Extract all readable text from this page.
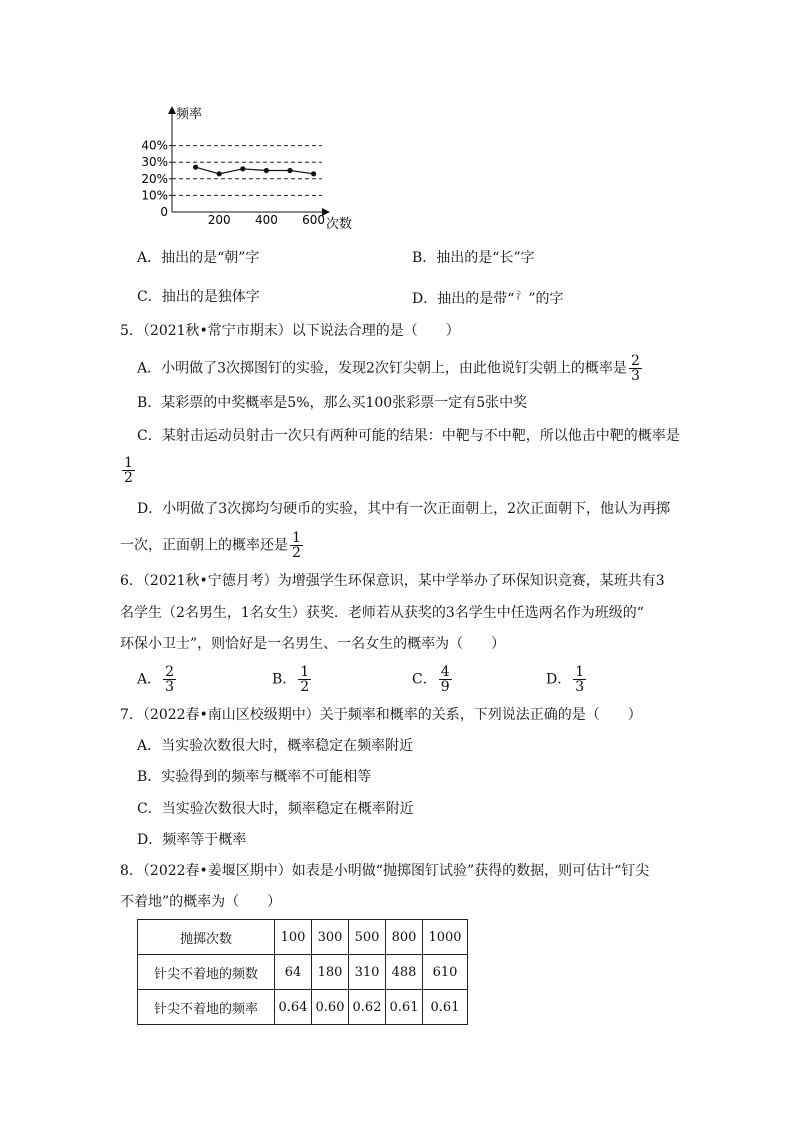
频率
次数
0
10%
20%
30%
40%
200 400 600
A．抽出的是“朝”字	B．抽出的是“长”字
C．抽出的是独体字	D．抽出的是带“ $^氵$ ”的字
5．（2021秋•常宁市期末）以下说法合理的是（　　）
A．小明做了3次掷图钉的实验，发现2次钉尖朝上，由此他说钉尖朝上的概率是 $\frac{2}{3}$
B．某彩票的中奖概率是5%，那么买100张彩票一定有5张中奖
C．某射击运动员射击一次只有两种可能的结果：中靶与不中靶，所以他击中靶的概率是
$\frac{1}{2}$
D．小明做了3次掷均匀硬币的实验，其中有一次正面朝上，2次正面朝下，他认为再掷
一次，正面朝上的概率还是 $\frac{1}{2}$
6．（2021秋•宁德月考）为增强学生环保意识，某中学举办了环保知识竞赛，某班共有3
名学生（2名男生，1名女生）获奖．老师若从获奖的3名学生中任选两名作为班级的“
环保小卫士”，则恰好是一名男生、一名女生的概率为（　　）
A． $\frac{2}{3}$	B． $\frac{1}{2}$	C． $\frac{4}{9}$	D． $\frac{1}{3}$
7．（2022春•南山区校级期中）关于频率和概率的关系，下列说法正确的是（　　）
A．当实验次数很大时，概率稳定在频率附近
B．实验得到的频率与概率不可能相等
C．当实验次数很大时，频率稳定在概率附近
D．频率等于概率
8．（2022春•姜堰区期中）如表是小明做“抛掷图钉试验”获得的数据，则可估计“钉尖
不着地”的概率为（　　）
抛掷次数	100	300	500	800	1000
针尖不着地的频数	64	180	310	488	610
针尖不着地的频率	0.64	0.60	0.62	0.61	0.61
